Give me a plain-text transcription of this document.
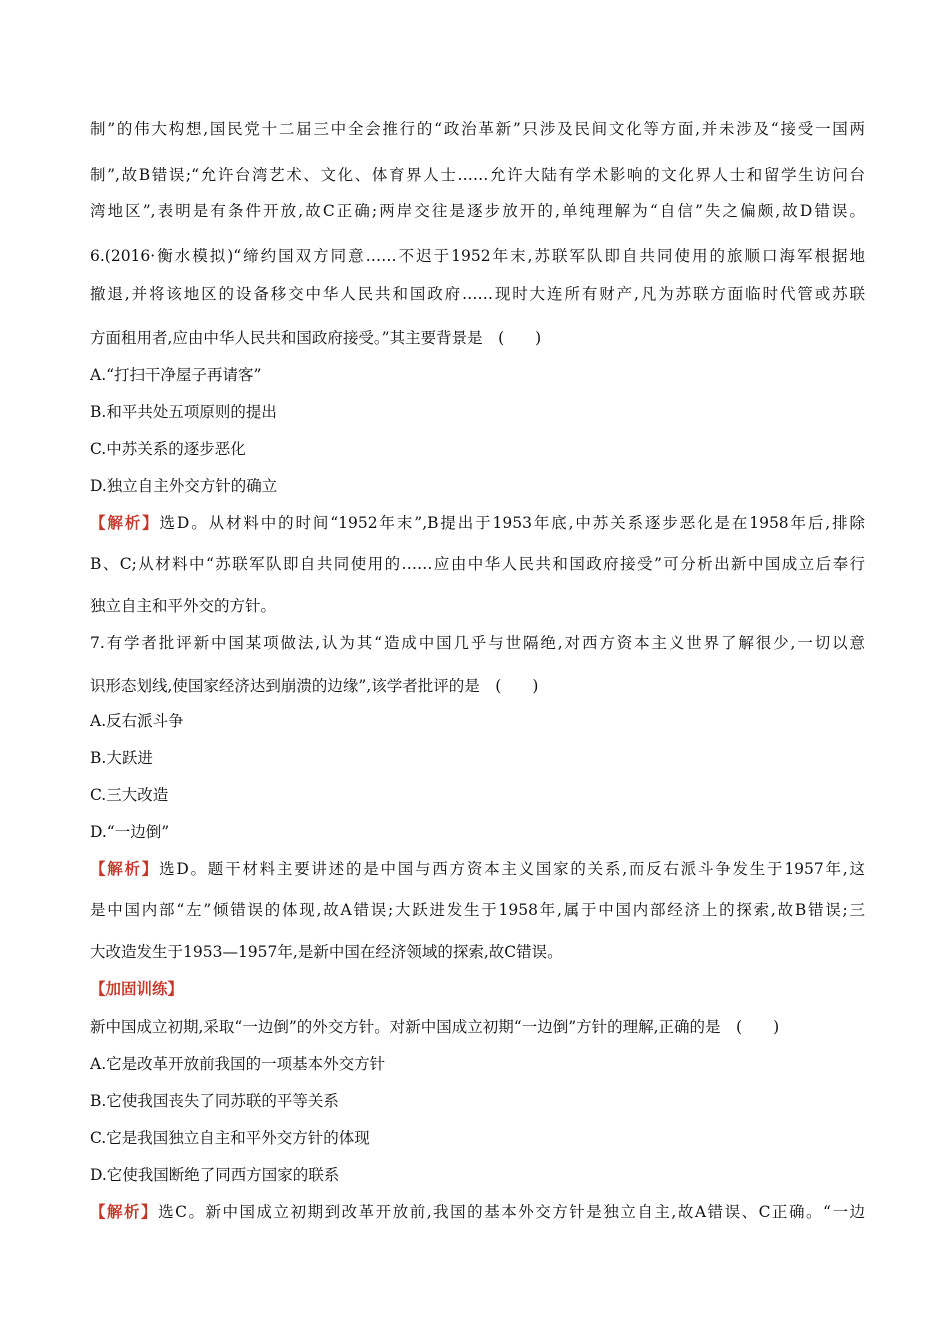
制”的伟大构想,国民党十二届三中全会推行的“政治革新”只涉及民间文化等方面,并未涉及“接受一国两
制”,故B错误;“允许台湾艺术、文化、体育界人士……允许大陆有学术影响的文化界人士和留学生访问台
湾地区”,表明是有条件开放,故C正确;两岸交往是逐步放开的,单纯理解为“自信”失之偏颇,故D错误。
6.(2016·衡水模拟)“缔约国双方同意……不迟于1952年末,苏联军队即自共同使用的旅顺口海军根据地
撤退,并将该地区的设备移交中华人民共和国政府……现时大连所有财产,凡为苏联方面临时代管或苏联
方面租用者,应由中华人民共和国政府接受。”其主要背景是　(　　)
A.“打扫干净屋子再请客”
B.和平共处五项原则的提出
C.中苏关系的逐步恶化
D.独立自主外交方针的确立
【解析】选D。从材料中的时间“1952年末”,B提出于1953年底,中苏关系逐步恶化是在1958年后,排除
B、C;从材料中“苏联军队即自共同使用的……应由中华人民共和国政府接受”可分析出新中国成立后奉行
独立自主和平外交的方针。
7.有学者批评新中国某项做法,认为其“造成中国几乎与世隔绝,对西方资本主义世界了解很少,一切以意
识形态划线,使国家经济达到崩溃的边缘”,该学者批评的是　(　　)
A.反右派斗争
B.大跃进
C.三大改造
D.“一边倒”
【解析】选D。题干材料主要讲述的是中国与西方资本主义国家的关系,而反右派斗争发生于1957年,这
是中国内部“左”倾错误的体现,故A错误;大跃进发生于1958年,属于中国内部经济上的探索,故B错误;三
大改造发生于1953—1957年,是新中国在经济领域的探索,故C错误。
【加固训练】
新中国成立初期,采取“一边倒”的外交方针。对新中国成立初期“一边倒”方针的理解,正确的是　(　　)
A.它是改革开放前我国的一项基本外交方针
B.它使我国丧失了同苏联的平等关系
C.它是我国独立自主和平外交方针的体现
D.它使我国断绝了同西方国家的联系
【解析】选C。新中国成立初期到改革开放前,我国的基本外交方针是独立自主,故A错误、C正确。“一边
